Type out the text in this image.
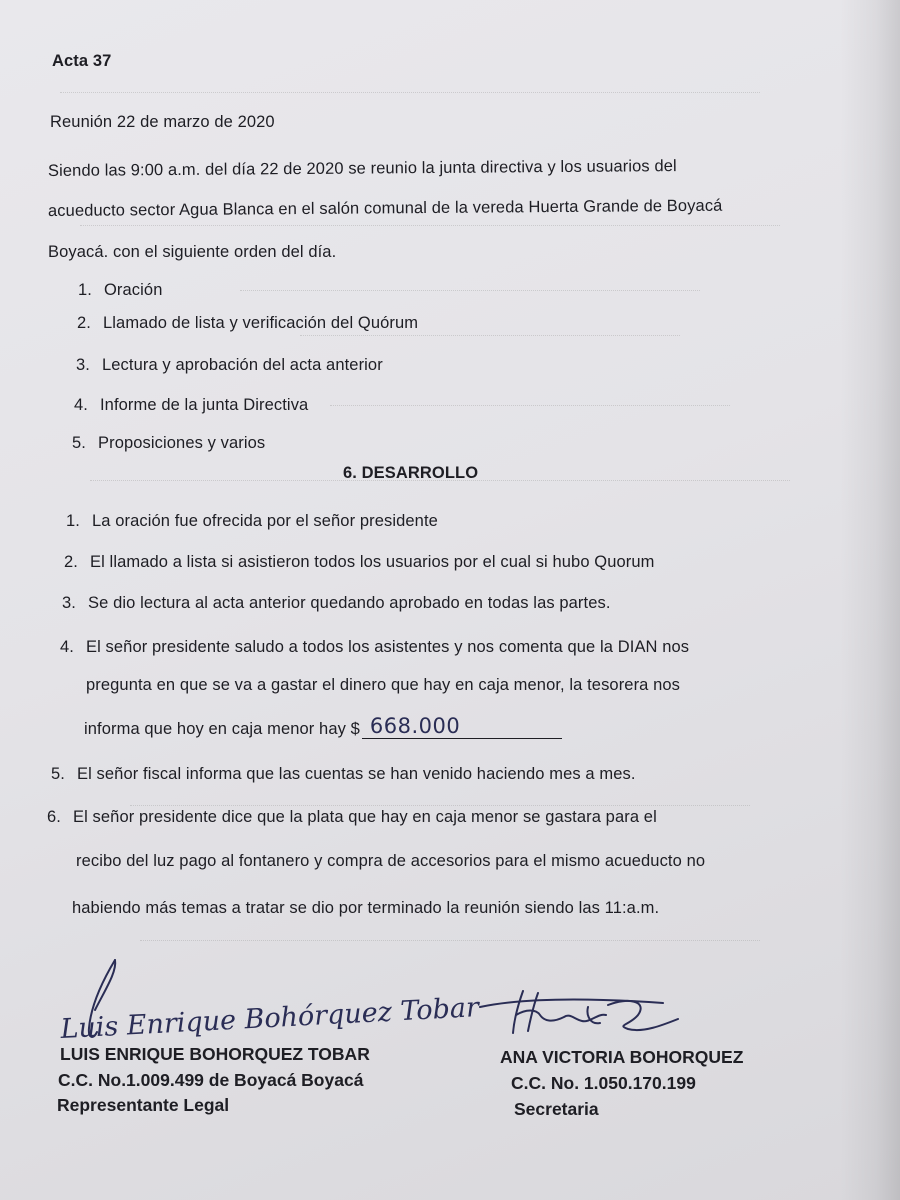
Acta 37
Reunión 22 de marzo de 2020
Siendo las 9:00 a.m. del día 22 de 2020 se reunio la junta directiva y los usuarios del
acueducto sector Agua Blanca en el salón comunal de la vereda Huerta Grande de Boyacá
Boyacá. con el siguiente orden del día.
1. Oración
2. Llamado de lista y verificación del Quórum
3. Lectura y aprobación del acta anterior
4. Informe de la junta Directiva
5. Proposiciones y varios
6. DESARROLLO
1. La oración fue ofrecida por el señor presidente
2. El llamado a lista si asistieron todos los usuarios por el cual si hubo Quorum
3. Se dio lectura al acta anterior quedando aprobado en todas las partes.
4. El señor presidente saludo a todos los asistentes y nos comenta que la DIAN nos
pregunta en que se va a gastar el dinero que hay en caja menor, la tesorera nos
informa que hoy en caja menor hay $ 668.000
5. El señor fiscal informa que las cuentas se han venido haciendo mes a mes.
6. El señor presidente dice que la plata que hay en caja menor se gastara para el
recibo del luz pago al fontanero y compra de accesorios para el mismo acueducto no
habiendo más temas a tratar se dio por terminado la reunión siendo las 11:a.m.
Luis Enrique Bohórquez Tobar
LUIS ENRIQUE BOHORQUEZ TOBAR
C.C. No.1.009.499 de Boyacá Boyacá
Representante Legal
ANA VICTORIA BOHORQUEZ
C.C. No. 1.050.170.199
Secretaria
